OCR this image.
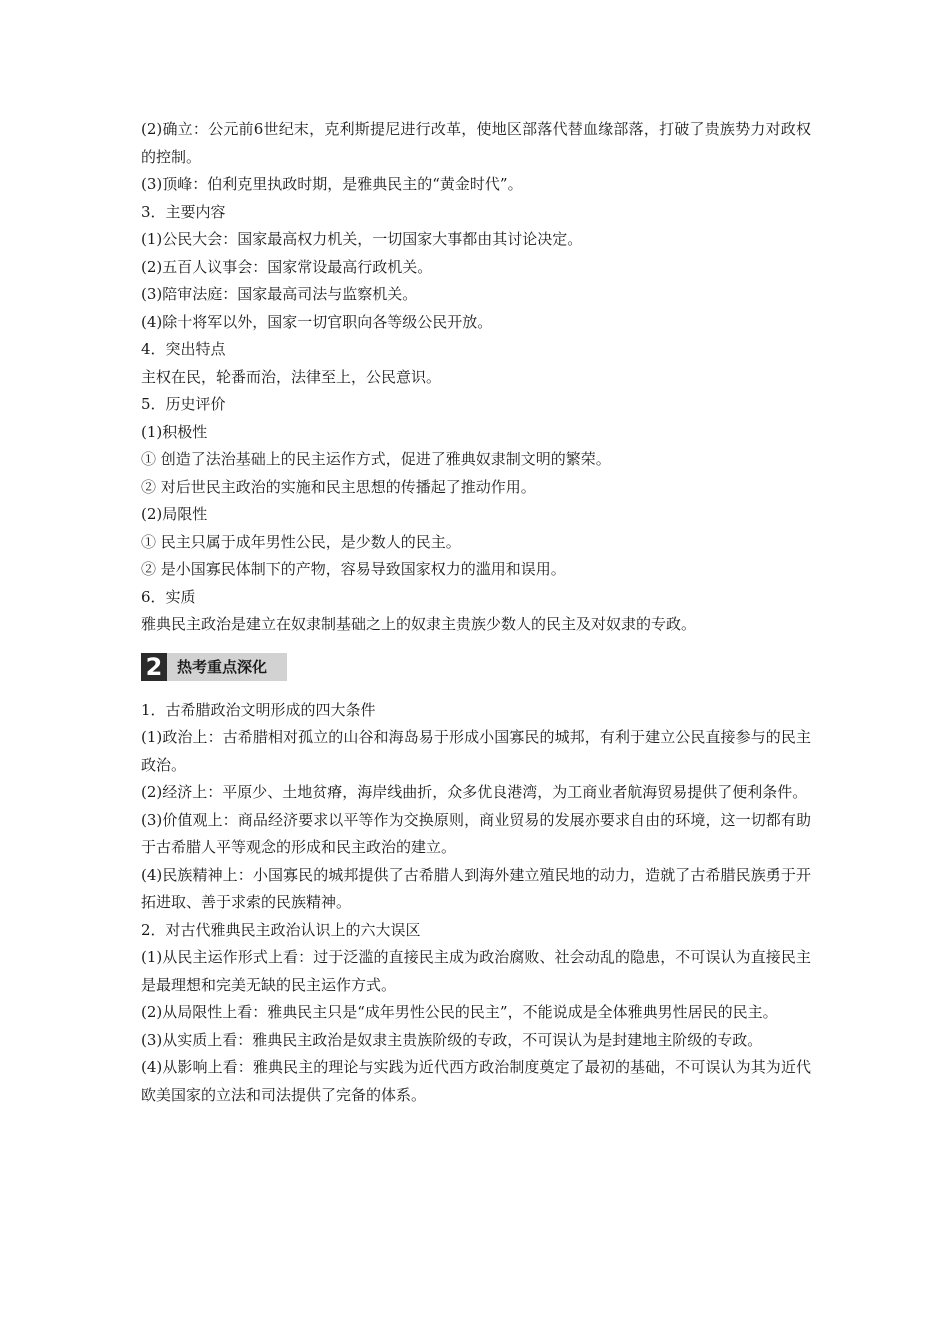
(2)确立：公元前6世纪末，克利斯提尼进行改革，使地区部落代替血缘部落，打破了贵族势力对政权的控制。
(3)顶峰：伯利克里执政时期，是雅典民主的“黄金时代”。
3．主要内容
(1)公民大会：国家最高权力机关，一切国家大事都由其讨论决定。
(2)五百人议事会：国家常设最高行政机关。
(3)陪审法庭：国家最高司法与监察机关。
(4)除十将军以外，国家一切官职向各等级公民开放。
4．突出特点
主权在民，轮番而治，法律至上，公民意识。
5．历史评价
(1)积极性
① 创造了法治基础上的民主运作方式，促进了雅典奴隶制文明的繁荣。
② 对后世民主政治的实施和民主思想的传播起了推动作用。
(2)局限性
① 民主只属于成年男性公民，是少数人的民主。
② 是小国寡民体制下的产物，容易导致国家权力的滥用和误用。
6．实质
雅典民主政治是建立在奴隶制基础之上的奴隶主贵族少数人的民主及对奴隶的专政。
2 热考重点深化
1．古希腊政治文明形成的四大条件
(1)政治上：古希腊相对孤立的山谷和海岛易于形成小国寡民的城邦，有利于建立公民直接参与的民主政治。
(2)经济上：平原少、土地贫瘠，海岸线曲折，众多优良港湾，为工商业者航海贸易提供了便利条件。
(3)价值观上：商品经济要求以平等作为交换原则，商业贸易的发展亦要求自由的环境，这一切都有助于古希腊人平等观念的形成和民主政治的建立。
(4)民族精神上：小国寡民的城邦提供了古希腊人到海外建立殖民地的动力，造就了古希腊民族勇于开拓进取、善于求索的民族精神。
2．对古代雅典民主政治认识上的六大误区
(1)从民主运作形式上看：过于泛滥的直接民主成为政治腐败、社会动乱的隐患，不可误认为直接民主是最理想和完美无缺的民主运作方式。
(2)从局限性上看：雅典民主只是“成年男性公民的民主”，不能说成是全体雅典男性居民的民主。
(3)从实质上看：雅典民主政治是奴隶主贵族阶级的专政，不可误认为是封建地主阶级的专政。
(4)从影响上看：雅典民主的理论与实践为近代西方政治制度奠定了最初的基础，不可误认为其为近代欧美国家的立法和司法提供了完备的体系。
